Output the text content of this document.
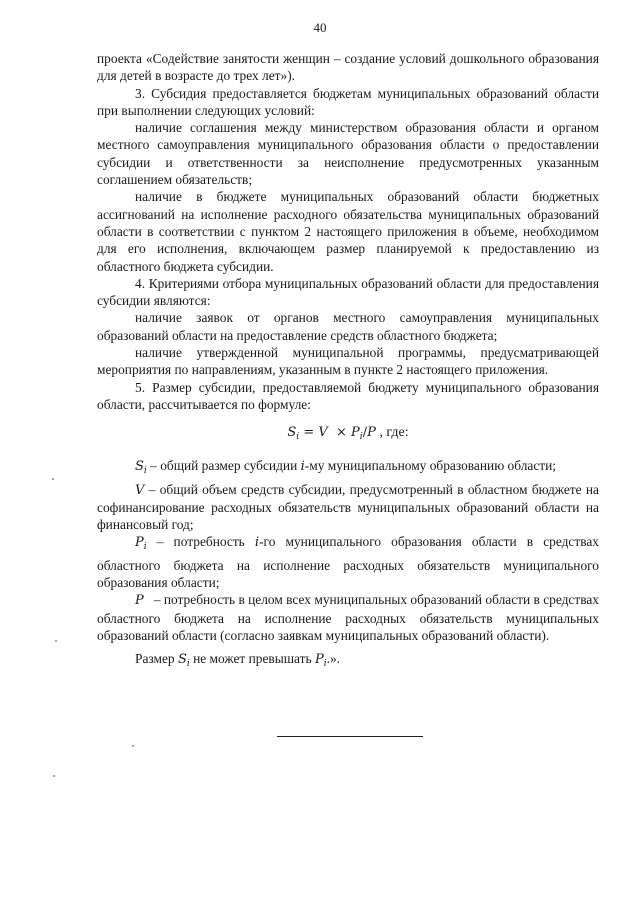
40

проекта «Содействие занятости женщин – создание условий дошкольного образования для детей в возрасте до трех лет»).

3. Субсидия предоставляется бюджетам муниципальных образований области при выполнении следующих условий:

наличие соглашения между министерством образования области и органом местного самоуправления муниципального образования области о предоставлении субсидии и ответственности за неисполнение предусмотренных указанным соглашением обязательств;

наличие в бюджете муниципальных образований области бюджетных ассигнований на исполнение расходного обязательства муниципальных образований области в соответствии с пунктом 2 настоящего приложения в объеме, необходимом для его исполнения, включающем размер планируемой к предоставлению из областного бюджета субсидии.

4. Критериями отбора муниципальных образований области для предоставления субсидии являются:

наличие заявок от органов местного самоуправления муниципальных образований области на предоставление средств областного бюджета;

наличие утвержденной муниципальной программы, предусматривающей мероприятия по направлениям, указанным в пункте 2 настоящего приложения.

5. Размер субсидии, предоставляемой бюджету муниципального образования области, рассчитывается по формуле:

$S_i = V \times P_i/P$ , где:

$S_i$ – общий размер субсидии i-му муниципальному образованию области;

V – общий объем средств субсидии, предусмотренный в областном бюджете на софинансирование расходных обязательств муниципальных образований области на финансовый год;

$P_i$ – потребность i-го муниципального образования области в средствах областного бюджета на исполнение расходных обязательств муниципального образования области;

P   – потребность в целом всех муниципальных образований области в средствах областного бюджета на исполнение расходных обязательств муниципальных образований области (согласно заявкам муниципальных образований области).

Размер $S_i$ не может превышать $P_i$.».
